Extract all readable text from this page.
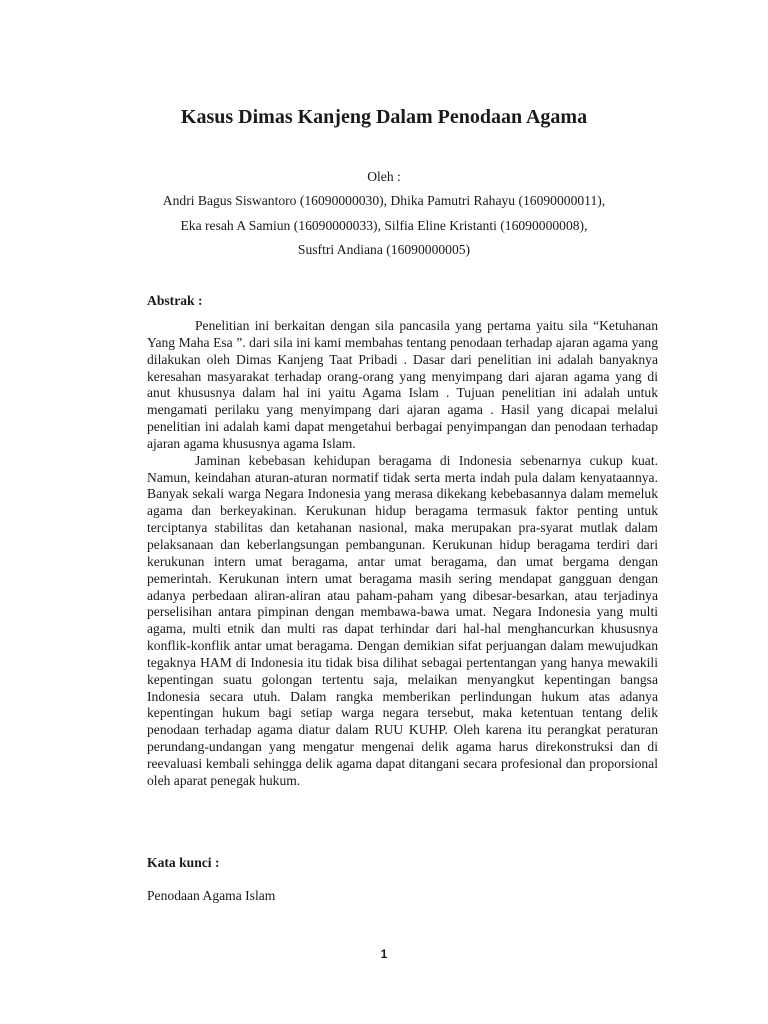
Kasus Dimas Kanjeng Dalam Penodaan Agama
Oleh :
Andri Bagus Siswantoro (16090000030), Dhika Pamutri Rahayu (16090000011),
Eka resah A Samiun (16090000033), Silfia Eline Kristanti (16090000008),
Susftri Andiana (16090000005)
Abstrak :

Penelitian ini berkaitan dengan sila pancasila yang pertama yaitu sila “Ketuhanan Yang Maha Esa ”. dari sila ini kami membahas tentang penodaan terhadap ajaran agama yang dilakukan oleh Dimas Kanjeng Taat Pribadi . Dasar dari penelitian ini adalah banyaknya keresahan masyarakat terhadap orang-orang yang menyimpang dari ajaran agama yang di anut khususnya dalam hal ini yaitu Agama Islam . Tujuan penelitian ini adalah untuk mengamati perilaku yang menyimpang dari ajaran agama . Hasil yang dicapai melalui penelitian ini adalah kami dapat mengetahui berbagai penyimpangan dan penodaan terhadap ajaran agama khususnya agama Islam.

Jaminan kebebasan kehidupan beragama di Indonesia sebenarnya cukup kuat. Namun, keindahan aturan-aturan normatif tidak serta merta indah pula dalam kenyataannya. Banyak sekali warga Negara Indonesia yang merasa dikekang kebebasannya dalam memeluk agama dan berkeyakinan. Kerukunan hidup beragama termasuk faktor penting untuk terciptanya stabilitas dan ketahanan nasional, maka merupakan pra-syarat mutlak dalam pelaksanaan dan keberlangsungan pembangunan. Kerukunan hidup beragama terdiri dari kerukunan intern umat beragama, antar umat beragama, dan umat bergama dengan pemerintah. Kerukunan intern umat beragama masih sering mendapat gangguan dengan adanya perbedaan aliran-aliran atau paham-paham yang dibesar-besarkan, atau terjadinya perselisihan antara pimpinan dengan membawa-bawa umat. Negara Indonesia yang multi agama, multi etnik dan multi ras dapat terhindar dari hal-hal menghancurkan khususnya konflik-konflik antar umat beragama. Dengan demikian sifat perjuangan dalam mewujudkan tegaknya HAM di Indonesia itu tidak bisa dilihat sebagai pertentangan yang hanya mewakili kepentingan suatu golongan tertentu saja, melaikan menyangkut kepentingan bangsa Indonesia secara utuh. Dalam rangka memberikan perlindungan hukum atas adanya kepentingan hukum bagi setiap warga negara tersebut, maka ketentuan tentang delik penodaan terhadap agama diatur dalam RUU KUHP. Oleh karena itu perangkat peraturan perundang-undangan yang mengatur mengenai delik agama harus direkonstruksi dan di reevaluasi kembali sehingga delik agama dapat ditangani secara profesional dan proporsional oleh aparat penegak hukum.

Kata kunci :
Penodaan Agama Islam
1
